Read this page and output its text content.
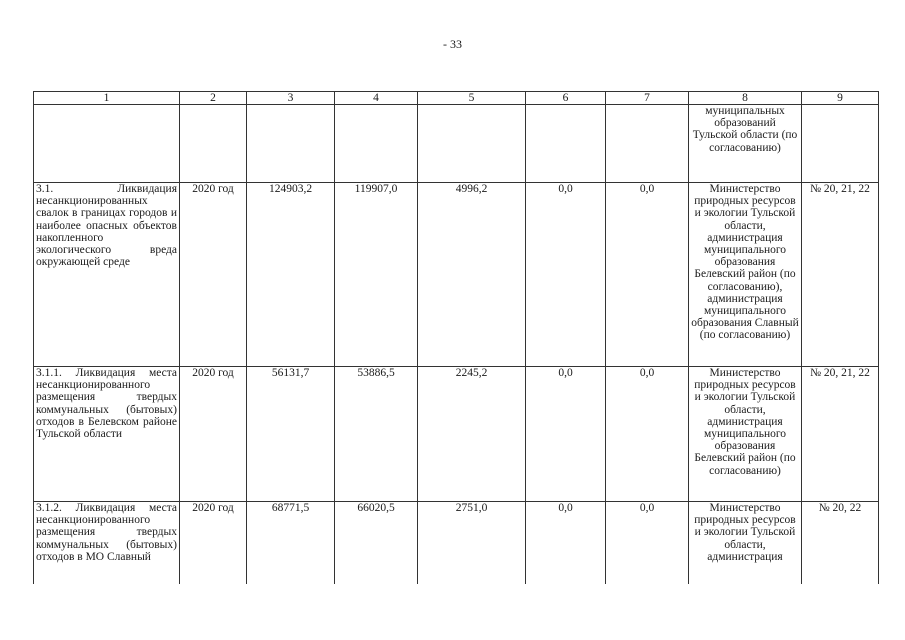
- 33
1	2	3	4	5	6	7	8	9
							муниципальных образований Тульской области (по согласованию)	
3.1. Ликвидация несанкционированных свалок в границах городов и наиболее опасных объектов накопленного экологического вреда окружающей среде	2020 год	124903,2	119907,0	4996,2	0,0	0,0	Министерство природных ресурсов и экологии Тульской области, администрация муниципального образования Белевский район (по согласованию), администрация муниципального образования Славный (по согласованию)	№ 20, 21, 22
3.1.1. Ликвидация места несанкционированного размещения твердых коммунальных (бытовых) отходов в Белевском районе Тульской области	2020 год	56131,7	53886,5	2245,2	0,0	0,0	Министерство природных ресурсов и экологии Тульской области, администрация муниципального образования Белевский район (по согласованию)	№ 20, 21, 22
3.1.2. Ликвидация места несанкционированного размещения твердых коммунальных (бытовых) отходов в МО Славный	2020 год	68771,5	66020,5	2751,0	0,0	0,0	Министерство природных ресурсов и экологии Тульской области, администрация	№ 20, 22
